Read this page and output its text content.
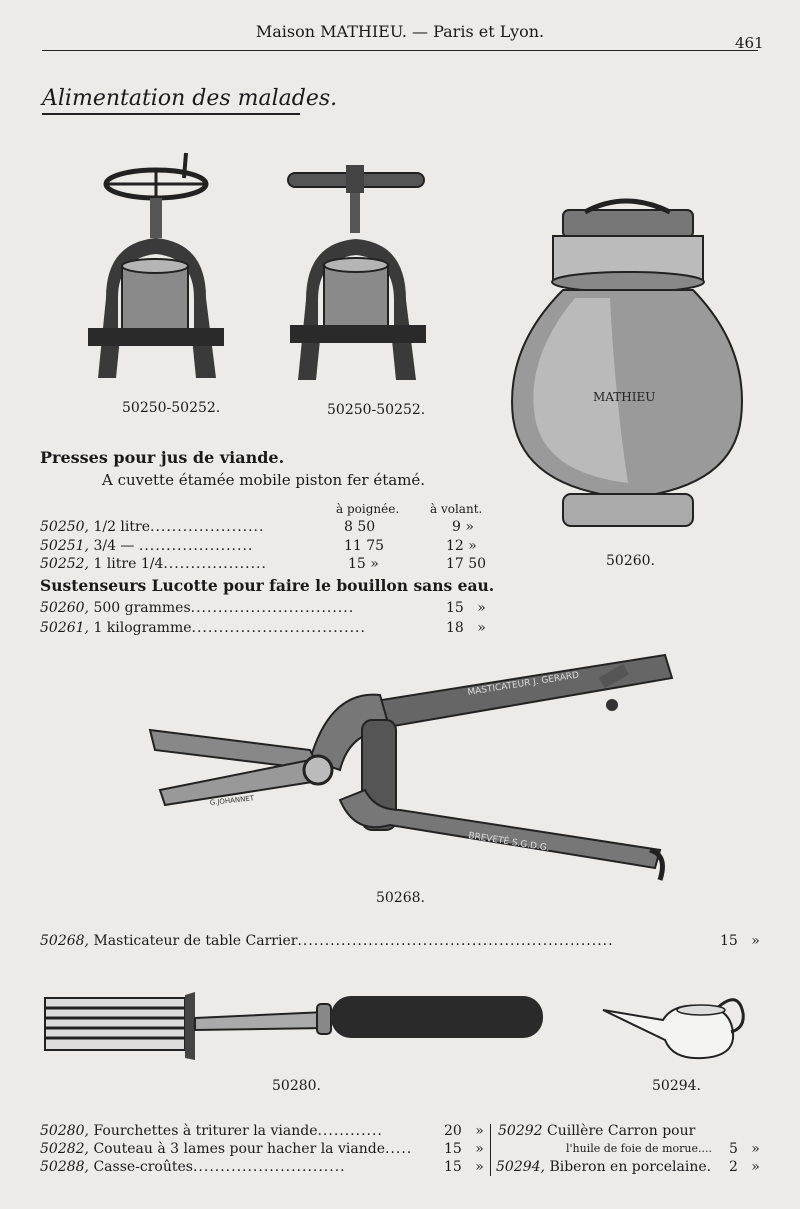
Maison MATHIEU. — Paris et Lyon.
461
Alimentation des malades.
50250-50252.	50250-50252.
MATHIEU
50260.
Presses pour jus de viande.
A cuvette étamée mobile piston fer étamé.
à poignée.	à volant.
50250, 1/2 litre.....................	8 50	9 »
50251, 3/4 — .....................	11 75	12 »
50252, 1 litre 1/4...................	15 »	17 50
Sustenseurs Lucotte pour faire le bouillon sans eau.
50260, 500 grammes..............................	15 »
50261, 1 kilogramme................................	18 »
MASTICATEUR J. GERARD
BREVETÉ S.G.D.G.
G.JOHANNET
50268.
50268, Masticateur de table Carrier..........................................................	15 »
50280.	50294.
50280, Fourchettes à triturer la viande............	20 »
50282, Couteau à 3 lames pour hacher la viande..... 15 »
50288, Casse-croûtes............................	15 »
50292 Cuillère Carron pour
l'huile de foie de morue.... 5 »
50294, Biberon en porcelaine. 2 »
